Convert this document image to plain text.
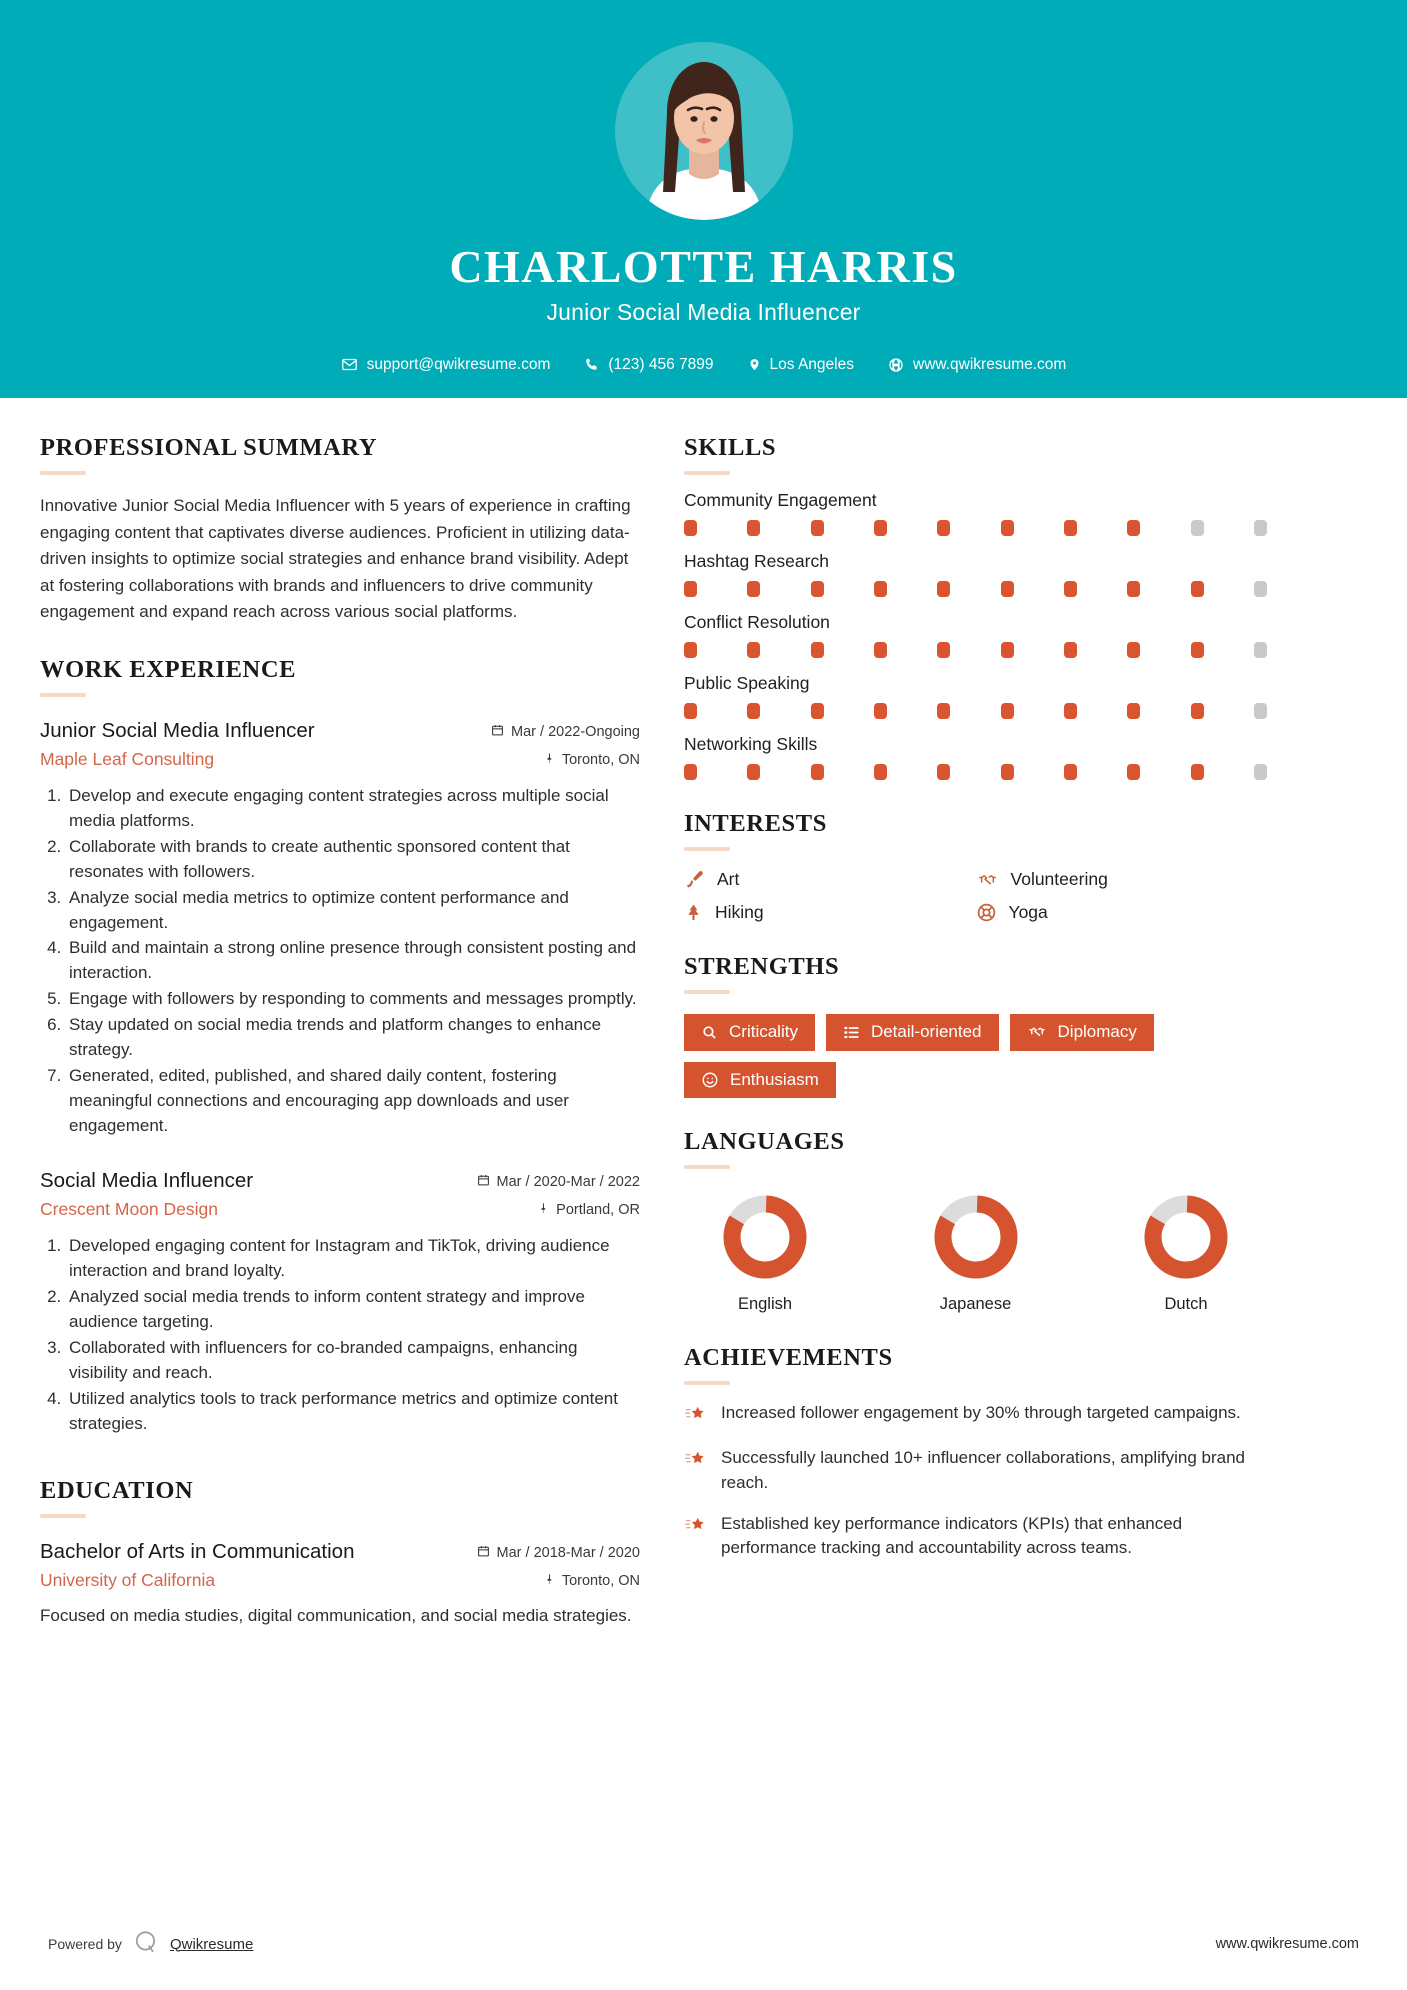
CHARLOTTE HARRIS
Junior Social Media Influencer
support@qwikresume.com	(123) 456 7899	Los Angeles	www.qwikresume.com
PROFESSIONAL SUMMARY

Innovative Junior Social Media Influencer with 5 years of experience in crafting engaging content that captivates diverse audiences. Proficient in utilizing data-driven insights to optimize social strategies and enhance brand visibility. Adept at fostering collaborations with brands and influencers to drive community engagement and expand reach across various social platforms.

WORK EXPERIENCE
Junior Social Media Influencer	Mar / 2022-Ongoing
Maple Leaf Consulting	Toronto, ON
1. Develop and execute engaging content strategies across multiple social media platforms.
2. Collaborate with brands to create authentic sponsored content that resonates with followers.
3. Analyze social media metrics to optimize content performance and engagement.
4. Build and maintain a strong online presence through consistent posting and interaction.
5. Engage with followers by responding to comments and messages promptly.
6. Stay updated on social media trends and platform changes to enhance strategy.
7. Generated, edited, published, and shared daily content, fostering meaningful connections and encouraging app downloads and user engagement.
Social Media Influencer	Mar / 2020-Mar / 2022
Crescent Moon Design	Portland, OR
1. Developed engaging content for Instagram and TikTok, driving audience interaction and brand loyalty.
2. Analyzed social media trends to inform content strategy and improve audience targeting.
3. Collaborated with influencers for co-branded campaigns, enhancing visibility and reach.
4. Utilized analytics tools to track performance metrics and optimize content strategies.
EDUCATION
Bachelor of Arts in Communication	Mar / 2018-Mar / 2020
University of California	Toronto, ON

Focused on media studies, digital communication, and social media strategies.

SKILLS
Community Engagement
Hashtag Research
Conflict Resolution
Public Speaking
Networking Skills
INTERESTS
Art	Volunteering
Hiking	Yoga
STRENGTHS
Criticality	Detail-oriented	Diplomacy
Enthusiasm
LANGUAGES
English	Japanese	Dutch
ACHIEVEMENTS
Increased follower engagement by 30% through targeted campaigns.
Successfully launched 10+ influencer collaborations, amplifying brand reach.
Established key performance indicators (KPIs) that enhanced performance tracking and accountability across teams.
Powered by	Qwikresume	www.qwikresume.com
